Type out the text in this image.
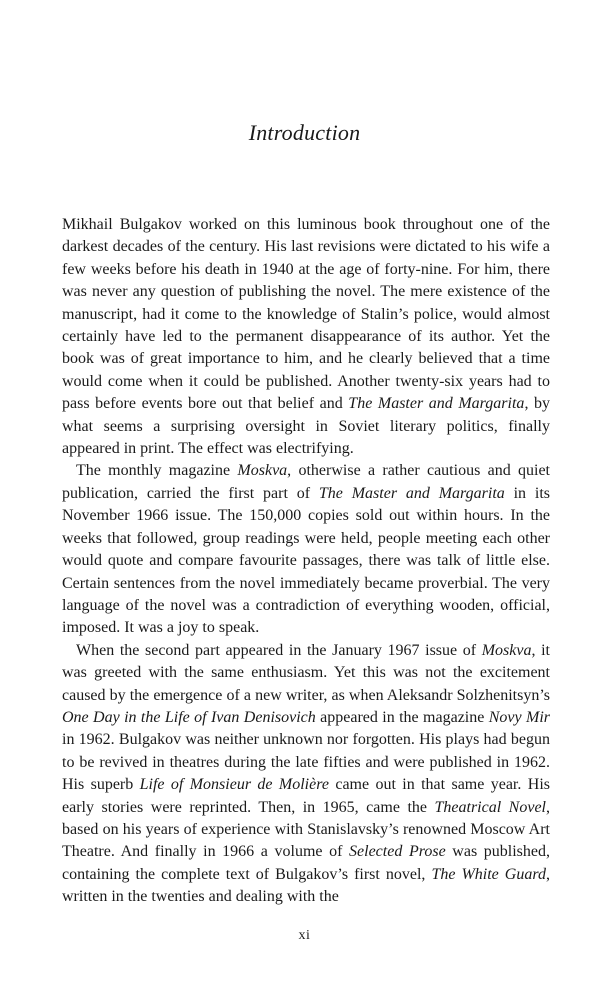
Introduction

Mikhail Bulgakov worked on this luminous book throughout one of the darkest decades of the century. His last revisions were dictated to his wife a few weeks before his death in 1940 at the age of forty-nine. For him, there was never any question of publishing the novel. The mere existence of the manuscript, had it come to the knowledge of Stalin’s police, would almost certainly have led to the permanent disappearance of its author. Yet the book was of great importance to him, and he clearly believed that a time would come when it could be published. Another twenty-six years had to pass before events bore out that belief and The Master and Margarita, by what seems a surprising oversight in Soviet literary politics, finally appeared in print. The effect was electrifying.

The monthly magazine Moskva, otherwise a rather cautious and quiet publication, carried the first part of The Master and Margarita in its November 1966 issue. The 150,000 copies sold out within hours. In the weeks that followed, group readings were held, people meeting each other would quote and compare favourite passages, there was talk of little else. Certain sentences from the novel immediately became proverbial. The very language of the novel was a contradiction of everything wooden, official, imposed. It was a joy to speak.

When the second part appeared in the January 1967 issue of Moskva, it was greeted with the same enthusiasm. Yet this was not the excitement caused by the emergence of a new writer, as when Aleksandr Solzhenitsyn’s One Day in the Life of Ivan Denisovich appeared in the magazine Novy Mir in 1962. Bulgakov was neither unknown nor forgotten. His plays had begun to be revived in theatres during the late fifties and were published in 1962. His superb Life of Monsieur de Molière came out in that same year. His early stories were reprinted. Then, in 1965, came the Theatrical Novel, based on his years of experience with Stanislavsky’s renowned Moscow Art Theatre. And finally in 1966 a volume of Selected Prose was published, containing the complete text of Bulgakov’s first novel, The White Guard, written in the twenties and dealing with the

xi
